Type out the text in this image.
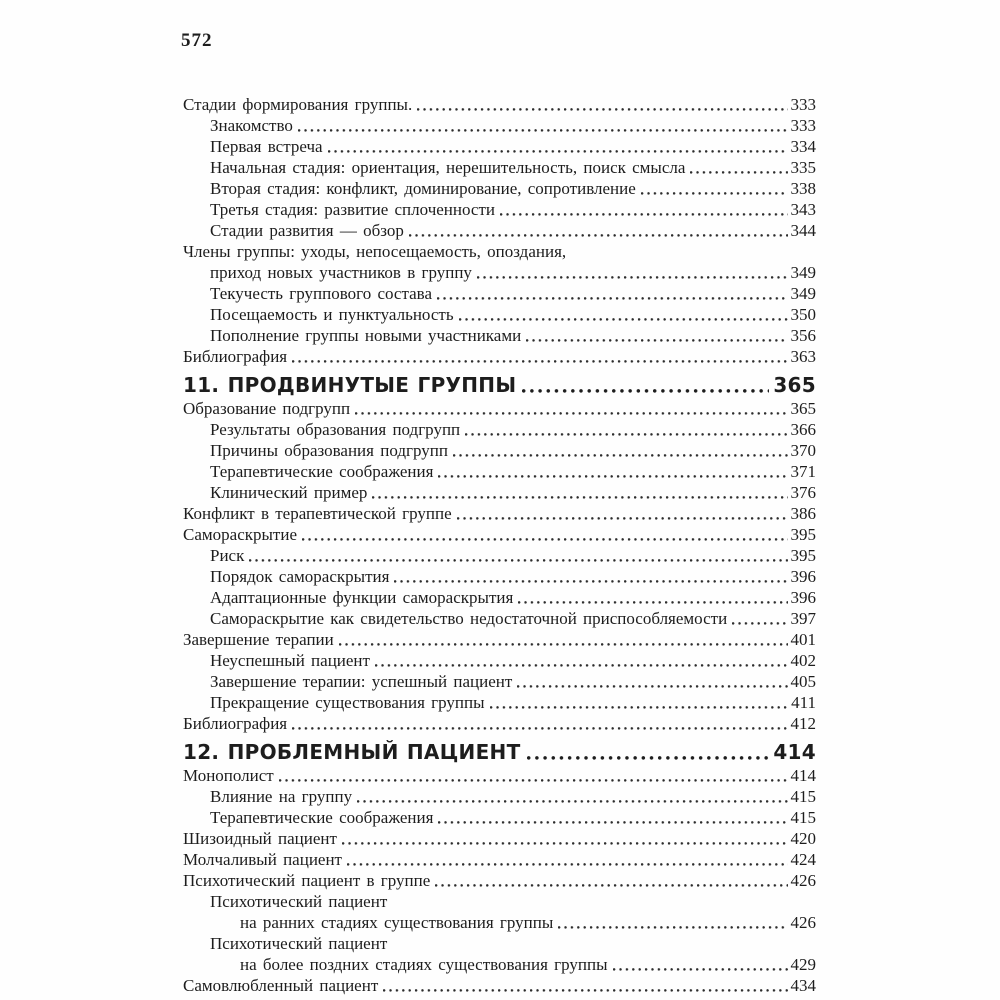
572
Стадии формирования группы.	333
Знакомство	333
Первая встреча	334
Начальная стадия: ориентация, нерешительность, поиск смысла	335
Вторая стадия: конфликт, доминирование, сопротивление	338
Третья стадия: развитие сплоченности	343
Стадии развития — обзор	344
Члены группы: уходы, непосещаемость, опоздания,
приход новых участников в группу	349
Текучесть группового состава	349
Посещаемость и пунктуальность	350
Пополнение группы новыми участниками	356
Библиография	363
11. ПРОДВИНУТЫЕ ГРУППЫ	365
Образование подгрупп	365
Результаты образования подгрупп	366
Причины образования подгрупп	370
Терапевтические соображения	371
Клинический пример	376
Конфликт в терапевтической группе	386
Самораскрытие	395
Риск	395
Порядок самораскрытия	396
Адаптационные функции самораскрытия	396
Самораскрытие как свидетельство недостаточной приспособляемости	397
Завершение терапии	401
Неуспешный пациент	402
Завершение терапии: успешный пациент	405
Прекращение существования группы	411
Библиография	412
12. ПРОБЛЕМНЫЙ ПАЦИЕНТ	414
Монополист	414
Влияние на группу	415
Терапевтические соображения	415
Шизоидный пациент	420
Молчаливый пациент	424
Психотический пациент в группе	426
Психотический пациент
на ранних стадиях существования группы	426
Психотический пациент
на более поздних стадиях существования группы	429
Самовлюбленный пациент	434
